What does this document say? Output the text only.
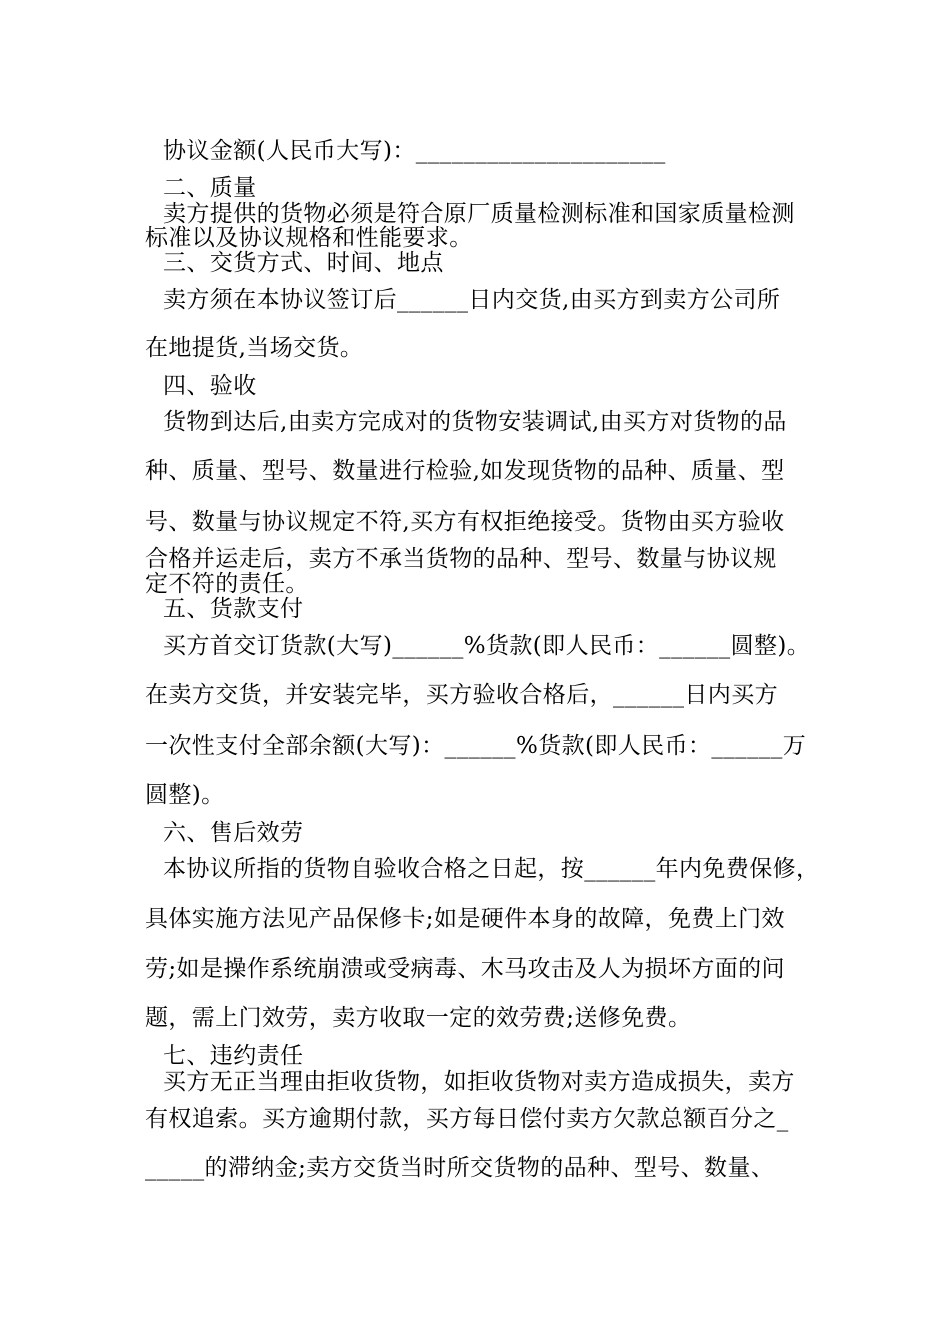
协议金额(人民币大写)：_____________________

二、质量

卖方提供的货物必须是符合原厂质量检测标准和国家质量检测

标准以及协议规格和性能要求。

三、交货方式、时间、地点

卖方须在本协议签订后______日内交货,由买方到卖方公司所

在地提货,当场交货。

四、验收

货物到达后,由卖方完成对的货物安装调试,由买方对货物的品

种、质量、型号、数量进行检验,如发现货物的品种、质量、型

号、数量与协议规定不符,买方有权拒绝接受。货物由买方验收

合格并运走后，卖方不承当货物的品种、型号、数量与协议规

定不符的责任。

五、货款支付

买方首交订货款(大写)______%货款(即人民币：______圆整)。

在卖方交货，并安装完毕，买方验收合格后，______日内买方

一次性支付全部余额(大写)：______%货款(即人民币：______万

圆整)。

六、售后效劳

本协议所指的货物自验收合格之日起，按______年内免费保修，

具体实施方法见产品保修卡;如是硬件本身的故障，免费上门效

劳;如是操作系统崩溃或受病毒、木马攻击及人为损坏方面的问

题，需上门效劳，卖方收取一定的效劳费;送修免费。

七、违约责任

买方无正当理由拒收货物，如拒收货物对卖方造成损失，卖方

有权追索。买方逾期付款，买方每日偿付卖方欠款总额百分之_

_____的滞纳金;卖方交货当时所交货物的品种、型号、数量、
